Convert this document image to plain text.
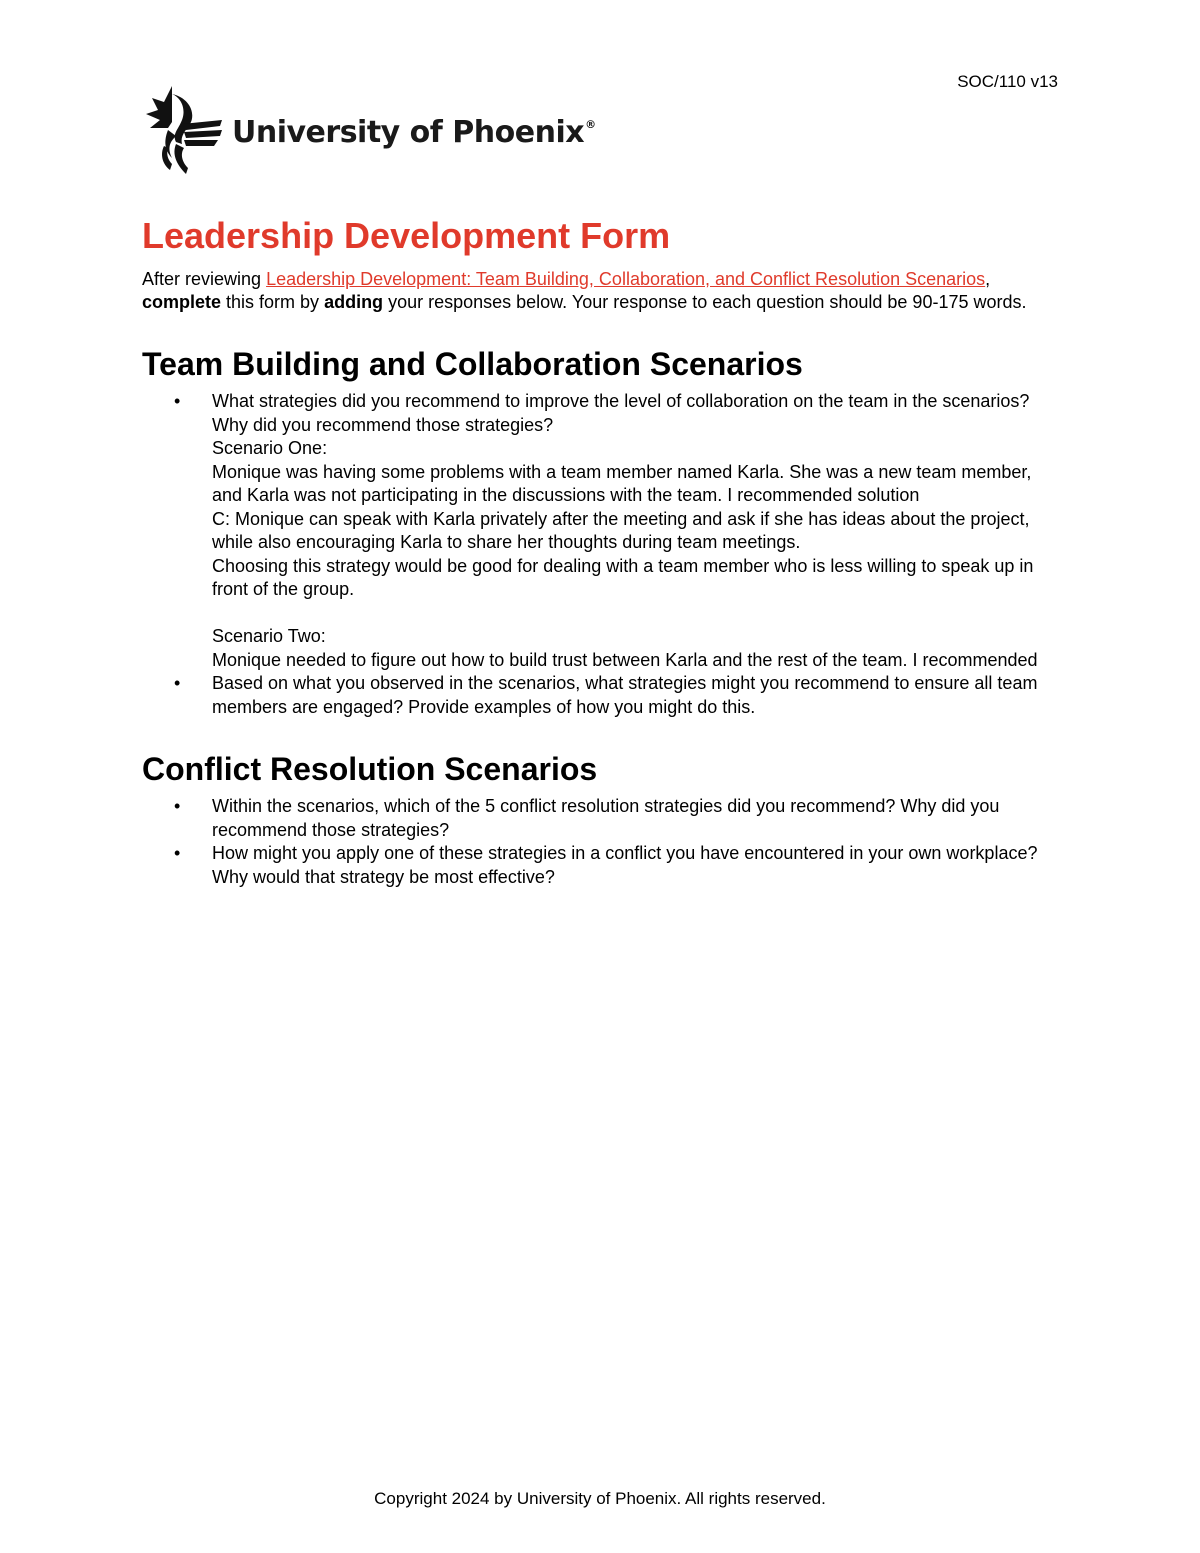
SOC/110 v13
University of Phoenix®
Leadership Development Form

After reviewing Leadership Development: Team Building, Collaboration, and Conflict Resolution Scenarios, complete this form by adding your responses below. Your response to each question should be 90-175 words.

Team Building and Collaboration Scenarios
• What strategies did you recommend to improve the level of collaboration on the team in the scenarios? Why did you recommend those strategies?
Scenario One:
Monique was having some problems with a team member named Karla. She was a new team member, and Karla was not participating in the discussions with the team. I recommended solution
C: Monique can speak with Karla privately after the meeting and ask if she has ideas about the project, while also encouraging Karla to share her thoughts during team meetings.
Choosing this strategy would be good for dealing with a team member who is less willing to speak up in front of the group.
Scenario Two:
Monique needed to figure out how to build trust between Karla and the rest of the team. I recommended
• Based on what you observed in the scenarios, what strategies might you recommend to ensure all team members are engaged? Provide examples of how you might do this.
Conflict Resolution Scenarios
• Within the scenarios, which of the 5 conflict resolution strategies did you recommend? Why did you recommend those strategies?
• How might you apply one of these strategies in a conflict you have encountered in your own workplace? Why would that strategy be most effective?
Copyright 2024 by University of Phoenix. All rights reserved.
